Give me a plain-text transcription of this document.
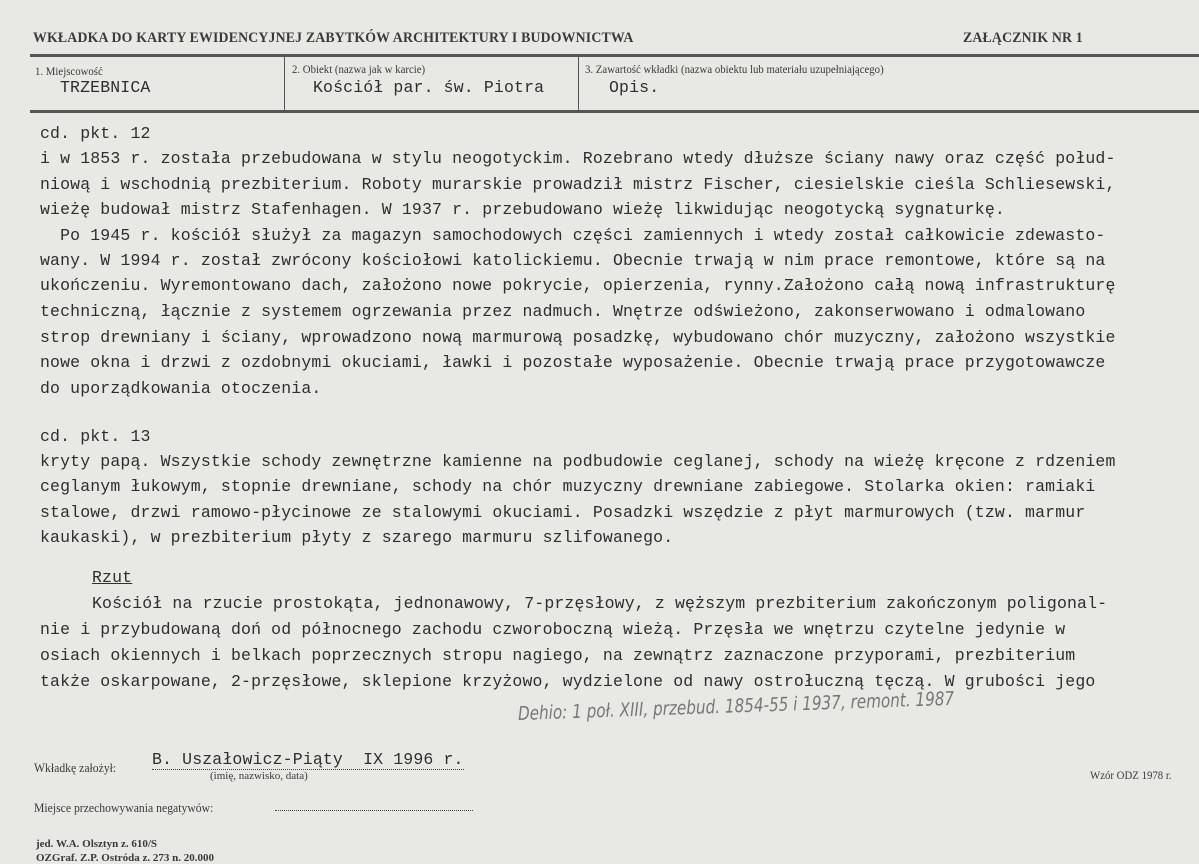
WKŁADKA DO KARTY EWIDENCYJNEJ ZABYTKÓW ARCHITEKTURY I BUDOWNICTWA	ZAŁĄCZNIK NR 1
1. Miejscowość
TRZEBNICA
2. Obiekt (nazwa jak w karcie)
Kościół par. św. Piotra
3. Zawartość wkładki (nazwa obiektu lub materiału uzupełniającego)
Opis.
cd. pkt. 12
i w 1853 r. została przebudowana w stylu neogotyckim. Rozebrano wtedy dłuższe ściany nawy oraz część połud-
niową i wschodnią prezbiterium. Roboty murarskie prowadził mistrz Fischer, ciesielskie cieśla Schliesewski,
wieżę budował mistrz Stafenhagen. W 1937 r. przebudowano wieżę likwidując neogotycką sygnaturkę.
Po 1945 r. kościół służył za magazyn samochodowych części zamiennych i wtedy został całkowicie zdewasto-
wany. W 1994 r. został zwrócony kościołowi katolickiemu. Obecnie trwają w nim prace remontowe, które są na
ukończeniu. Wyremontowano dach, założono nowe pokrycie, opierzenia, rynny.Założono całą nową infrastrukturę
techniczną, łącznie z systemem ogrzewania przez nadmuch. Wnętrze odświeżono, zakonserwowano i odmalowano
strop drewniany i ściany, wprowadzono nową marmurową posadzkę, wybudowano chór muzyczny, założono wszystkie
nowe okna i drzwi z ozdobnymi okuciami, ławki i pozostałe wyposażenie. Obecnie trwają prace przygotowawcze
do uporządkowania otoczenia.
cd. pkt. 13
kryty papą. Wszystkie schody zewnętrzne kamienne na podbudowie ceglanej, schody na wieżę kręcone z rdzeniem
ceglanym łukowym, stopnie drewniane, schody na chór muzyczny drewniane zabiegowe. Stolarka okien: ramiaki
stalowe, drzwi ramowo-płycinowe ze stalowymi okuciami. Posadzki wszędzie z płyt marmurowych (tzw. marmur
kaukaski), w prezbiterium płyty z szarego marmuru szlifowanego.
Rzut
Kościół na rzucie prostokąta, jednonawowy, 7-przęsłowy, z węższym prezbiterium zakończonym poligonal-
nie i przybudowaną doń od północnego zachodu czworoboczną wieżą. Przęsła we wnętrzu czytelne jedynie w
osiach okiennych i belkach poprzecznych stropu nagiego, na zewnątrz zaznaczone przyporami, prezbiterium
także oskarpowane, 2-przęsłowe, sklepione krzyżowo, wydzielone od nawy ostrołuczną tęczą. W grubości jego
Dehio: 1 poł. XIII, przebud. 1854-55 i 1937, remont. 1987
Wkładkę założył: B. Uszałowicz-Piąty  IX 1996 r.
(imię, nazwisko, data)	Wzór ODZ 1978 r.
Miejsce przechowywania negatywów:
jed. W.A. Olsztyn z. 610/S
OZGraf. Z.P. Ostróda z. 273 n. 20.000
